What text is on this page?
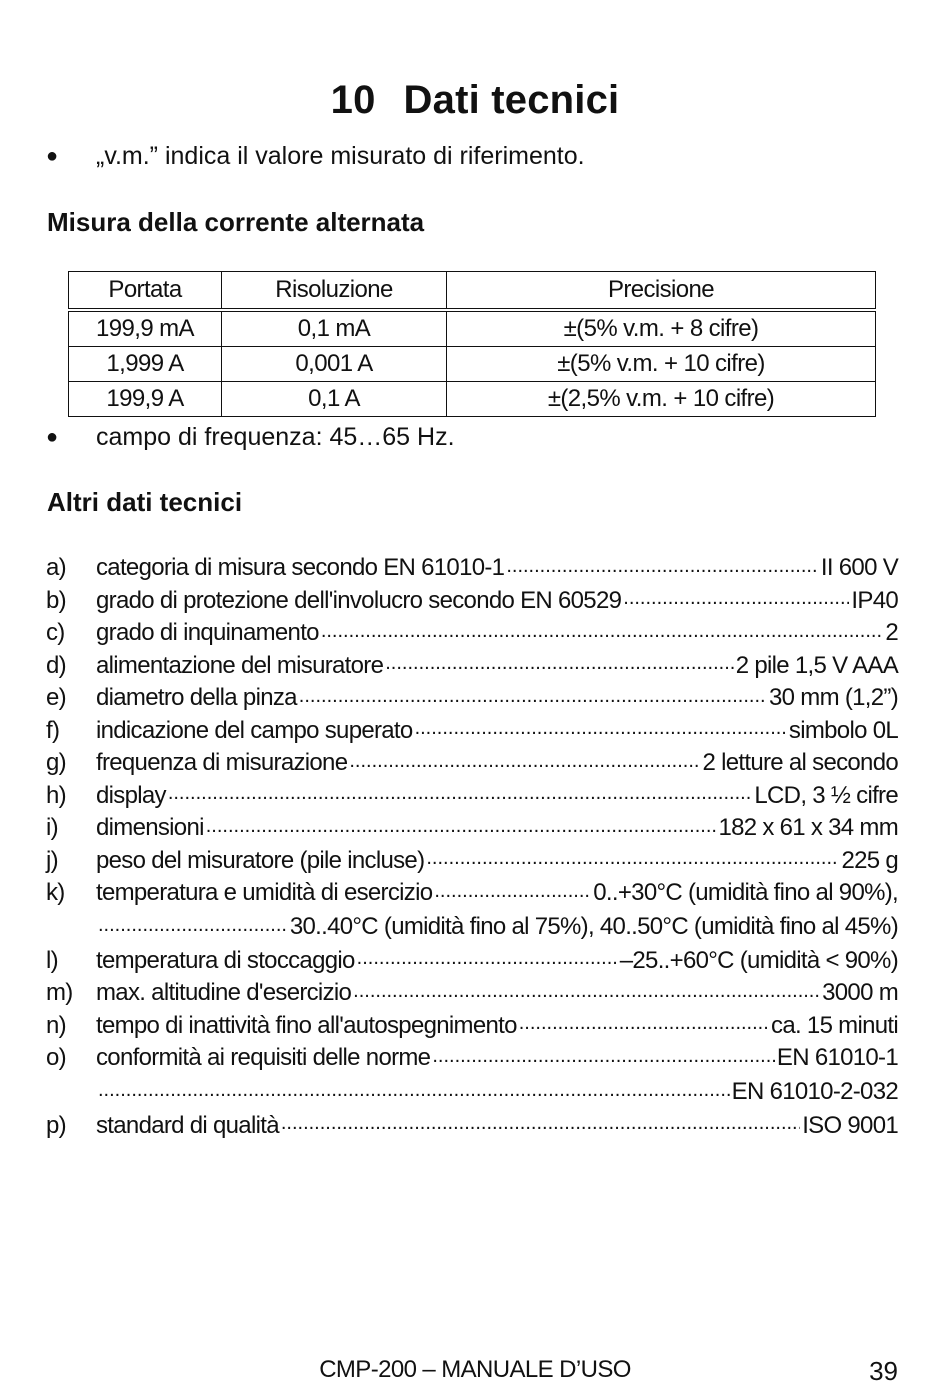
10 Dati tecnici
●	„v.m.” indica il valore misurato di riferimento.
Misura della corrente alternata
Portata	Risoluzione	Precisione
199,9 mA	0,1 mA	±(5% v.m. + 8 cifre)
1,999 A	0,001 A	±(5% v.m. + 10 cifre)
199,9 A	0,1 A	±(2,5% v.m. + 10 cifre)
●	campo di frequenza: 45…65 Hz.
Altri dati tecnici
a)	categoria di misura secondo EN 61010-1 .....	II 600 V
b)	grado di protezione dell'involucro secondo EN 60529 .....	IP40
c)	grado di inquinamento .....	2
d)	alimentazione del misuratore .....	2 pile 1,5 V AAA
e)	diametro della pinza .....	30 mm (1,2”)
f)	indicazione del campo superato .....	simbolo 0L
g)	frequenza di misurazione .....	2 letture al secondo
h)	display .....	LCD, 3 ½ cifre
i)	dimensioni .....	182 x 61 x 34 mm
j)	peso del misuratore (pile incluse) .....	225 g
k)	temperatura e umidità di esercizio .....	0..+30°C (umidità fino al 90%),
.....
30..40°C (umidità fino al 75%), 40..50°C (umidità fino al 45%)
l)	temperatura di stoccaggio .....	–25..+60°C (umidità < 90%)
m) max. altitudine d'esercizio .....	3000 m
n)	tempo di inattività fino all'autospegnimento .....	ca. 15 minuti
o)	conformità ai requisiti delle norme .....	EN 61010-1
.....
EN 61010-2-032
p)	standard di qualità .....	ISO 9001
CMP-200 – MANUALE D’USO	39
